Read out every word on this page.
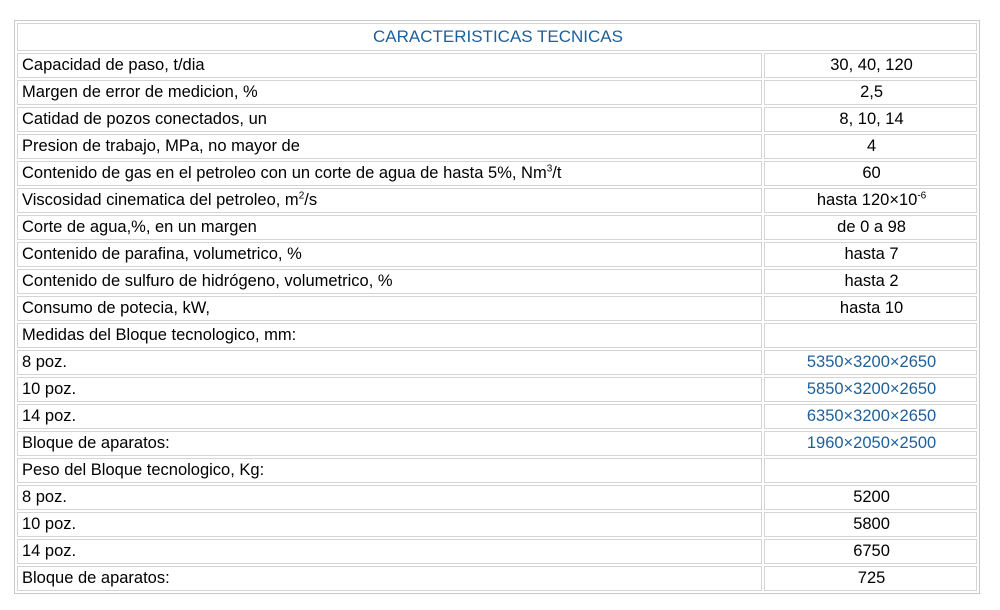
CARACTERISTICAS TECNICAS	
Capacidad de paso, t/dia	30, 40, 120
Margen de error de medicion, %	2,5
Catidad de pozos conectados, un	8, 10, 14
Presion de trabajo, MPa, no mayor de	4
Contenido de gas en el petroleo con un corte de agua de hasta 5%, Nm$^3$/t	60
Viscosidad cinematica del petroleo, $m^2/s$	hasta $120\times 10^{-6}$
Corte de agua,%, en un margen	de 0 a 98
Contenido de parafina, volumetrico, %	hasta 7
Contenido de sulfuro de hidrógeno, volumetrico, %	hasta 2
Consumo de potecia, kW,	hasta 10
Medidas del Bloque tecnologico, mm:	
8 poz.	5350×3200×2650
10 poz.	5850×3200×2650
14 poz.	6350×3200×2650
Bloque de aparatos:	1960×2050×2500
Peso del Bloque tecnologico, Kg:	
8 poz.	5200
10 poz.	5800
14 poz.	6750
Bloque de aparatos:	725
